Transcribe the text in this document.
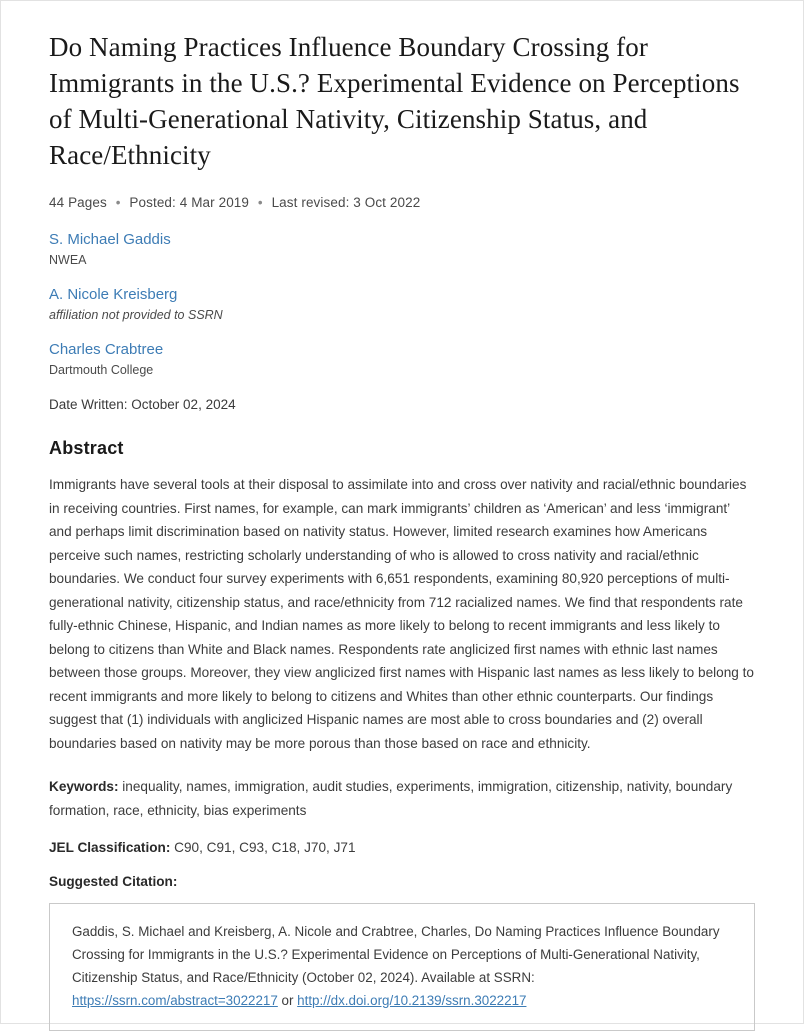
Do Naming Practices Influence Boundary Crossing for Immigrants in the U.S.? Experimental Evidence on Perceptions of Multi-Generational Nativity, Citizenship Status, and Race/Ethnicity
44 Pages • Posted: 4 Mar 2019 • Last revised: 3 Oct 2022
S. Michael Gaddis
NWEA
A. Nicole Kreisberg
affiliation not provided to SSRN
Charles Crabtree
Dartmouth College
Date Written: October 02, 2024
Abstract

Immigrants have several tools at their disposal to assimilate into and cross over nativity and racial/ethnic boundaries in receiving countries. First names, for example, can mark immigrants’ children as ‘American’ and less ‘immigrant’ and perhaps limit discrimination based on nativity status. However, limited research examines how Americans perceive such names, restricting scholarly understanding of who is allowed to cross nativity and racial/ethnic boundaries. We conduct four survey experiments with 6,651 respondents, examining 80,920 perceptions of multi-generational nativity, citizenship status, and race/ethnicity from 712 racialized names. We find that respondents rate fully-ethnic Chinese, Hispanic, and Indian names as more likely to belong to recent immigrants and less likely to belong to citizens than White and Black names. Respondents rate anglicized first names with ethnic last names between those groups. Moreover, they view anglicized first names with Hispanic last names as less likely to belong to recent immigrants and more likely to belong to citizens and Whites than other ethnic counterparts. Our findings suggest that (1) individuals with anglicized Hispanic names are most able to cross boundaries and (2) overall boundaries based on nativity may be more porous than those based on race and ethnicity.

Keywords: inequality, names, immigration, audit studies, experiments, immigration, citizenship, nativity, boundary formation, race, ethnicity, bias experiments

JEL Classification: C90, C91, C93, C18, J70, J71

Suggested Citation:

Gaddis, S. Michael and Kreisberg, A. Nicole and Crabtree, Charles, Do Naming Practices Influence Boundary Crossing for Immigrants in the U.S.? Experimental Evidence on Perceptions of Multi-Generational Nativity, Citizenship Status, and Race/Ethnicity (October 02, 2024). Available at SSRN: https://ssrn.com/abstract=3022217 or http://dx.doi.org/10.2139/ssrn.3022217
